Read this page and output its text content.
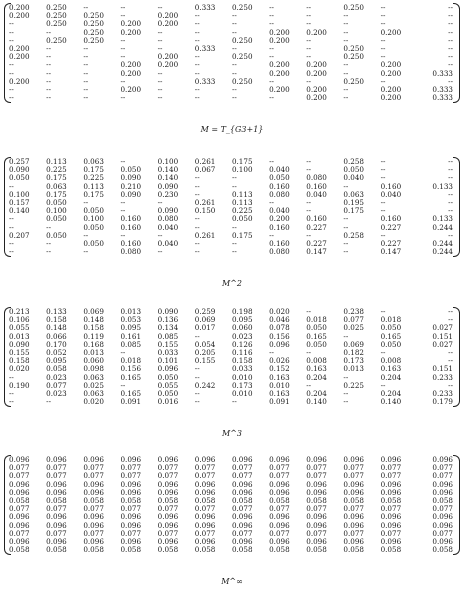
0.200	0.250	--	--	--	0.333	0.250	--	--	0.250	--	--
0.200	0.250	0.250	--	0.200	--	--	--	--	--	--	--
--	0.250	0.250	0.200	0.200	--	--	--	--	--	--	--
--	--	0.250	0.200	--	--	--	0.200	0.200	--	0.200	--
--	0.250	0.250	--	--	--	0.250	0.200	--	--	--	--
0.200	--	--	--	--	0.333	--	--	--	0.250	--	--
0.200	--	--	--	0.200	--	0.250	--	--	0.250	--	--
--	--	--	0.200	0.200	--	--	0.200	0.200	--	0.200	--
--	--	--	0.200	--	--	--	0.200	0.200	--	0.200	0.333
0.200	--	--	--	--	0.333	0.250	--	--	0.250	--	--
--	--	--	0.200	--	--	--	0.200	0.200	--	0.200	0.333
--	--	--	--	--	--	--	--	0.200	--	0.200	0.333
M = T_{G3+1}
0.257	0.113	0.063	--	0.100	0.261	0.175	--	--	0.258	--	--
0.090	0.225	0.175	0.050	0.140	0.067	0.100	0.040	--	0.050	--	--
0.050	0.175	0.225	0.090	0.140	--	--	0.050	0.080	0.040	--	--
--	0.063	0.113	0.210	0.090	--	--	0.160	0.160	--	0.160	0.133
0.100	0.175	0.175	0.090	0.230	--	0.113	0.080	0.040	0.063	0.040	--
0.157	0.050	--	--	--	0.261	0.113	--	--	0.195	--	--
0.140	0.100	0.050	--	0.090	0.150	0.225	0.040	--	0.175	--	--
--	0.050	0.100	0.160	0.080	--	0.050	0.200	0.160	--	0.160	0.133
--	--	0.050	0.160	0.040	--	--	0.160	0.227	--	0.227	0.244
0.207	0.050	--	--	--	0.261	0.175	--	--	0.258	--	--
--	--	0.050	0.160	0.040	--	--	0.160	0.227	--	0.227	0.244
--	--	--	0.080	--	--	--	0.080	0.147	--	0.147	0.244
M^2
0.213	0.133	0.069	0.013	0.090	0.259	0.198	0.020	--	0.238	--	--
0.106	0.158	0.148	0.053	0.136	0.069	0.095	0.046	0.018	0.077	0.018	--
0.055	0.148	0.158	0.095	0.134	0.017	0.060	0.078	0.050	0.025	0.050	0.027
0.013	0.066	0.119	0.161	0.085	--	0.023	0.156	0.165	--	0.165	0.151
0.090	0.170	0.168	0.085	0.155	0.054	0.126	0.096	0.050	0.069	0.050	0.027
0.155	0.052	0.013	--	0.033	0.205	0.116	--	--	0.182	--	--
0.158	0.095	0.060	0.018	0.101	0.155	0.158	0.026	0.008	0.173	0.008	--
0.020	0.058	0.098	0.156	0.096	--	0.033	0.152	0.163	0.013	0.163	0.151
--	0.023	0.063	0.165	0.050	--	0.010	0.163	0.204	--	0.204	0.233
0.190	0.077	0.025	--	0.055	0.242	0.173	0.010	--	0.225	--	--
--	0.023	0.063	0.165	0.050	--	0.010	0.163	0.204	--	0.204	0.233
--	--	0.020	0.091	0.016	--	--	0.091	0.140	--	0.140	0.179
M^3
0.096	0.096	0.096	0.096	0.096	0.096	0.096	0.096	0.096	0.096	0.096	0.096
0.077	0.077	0.077	0.077	0.077	0.077	0.077	0.077	0.077	0.077	0.077	0.077
0.077	0.077	0.077	0.077	0.077	0.077	0.077	0.077	0.077	0.077	0.077	0.077
0.096	0.096	0.096	0.096	0.096	0.096	0.096	0.096	0.096	0.096	0.096	0.096
0.096	0.096	0.096	0.096	0.096	0.096	0.096	0.096	0.096	0.096	0.096	0.096
0.058	0.058	0.058	0.058	0.058	0.058	0.058	0.058	0.058	0.058	0.058	0.058
0.077	0.077	0.077	0.077	0.077	0.077	0.077	0.077	0.077	0.077	0.077	0.077
0.096	0.096	0.096	0.096	0.096	0.096	0.096	0.096	0.096	0.096	0.096	0.096
0.096	0.096	0.096	0.096	0.096	0.096	0.096	0.096	0.096	0.096	0.096	0.096
0.077	0.077	0.077	0.077	0.077	0.077	0.077	0.077	0.077	0.077	0.077	0.077
0.096	0.096	0.096	0.096	0.096	0.096	0.096	0.096	0.096	0.096	0.096	0.096
0.058	0.058	0.058	0.058	0.058	0.058	0.058	0.058	0.058	0.058	0.058	0.058
M^∞
